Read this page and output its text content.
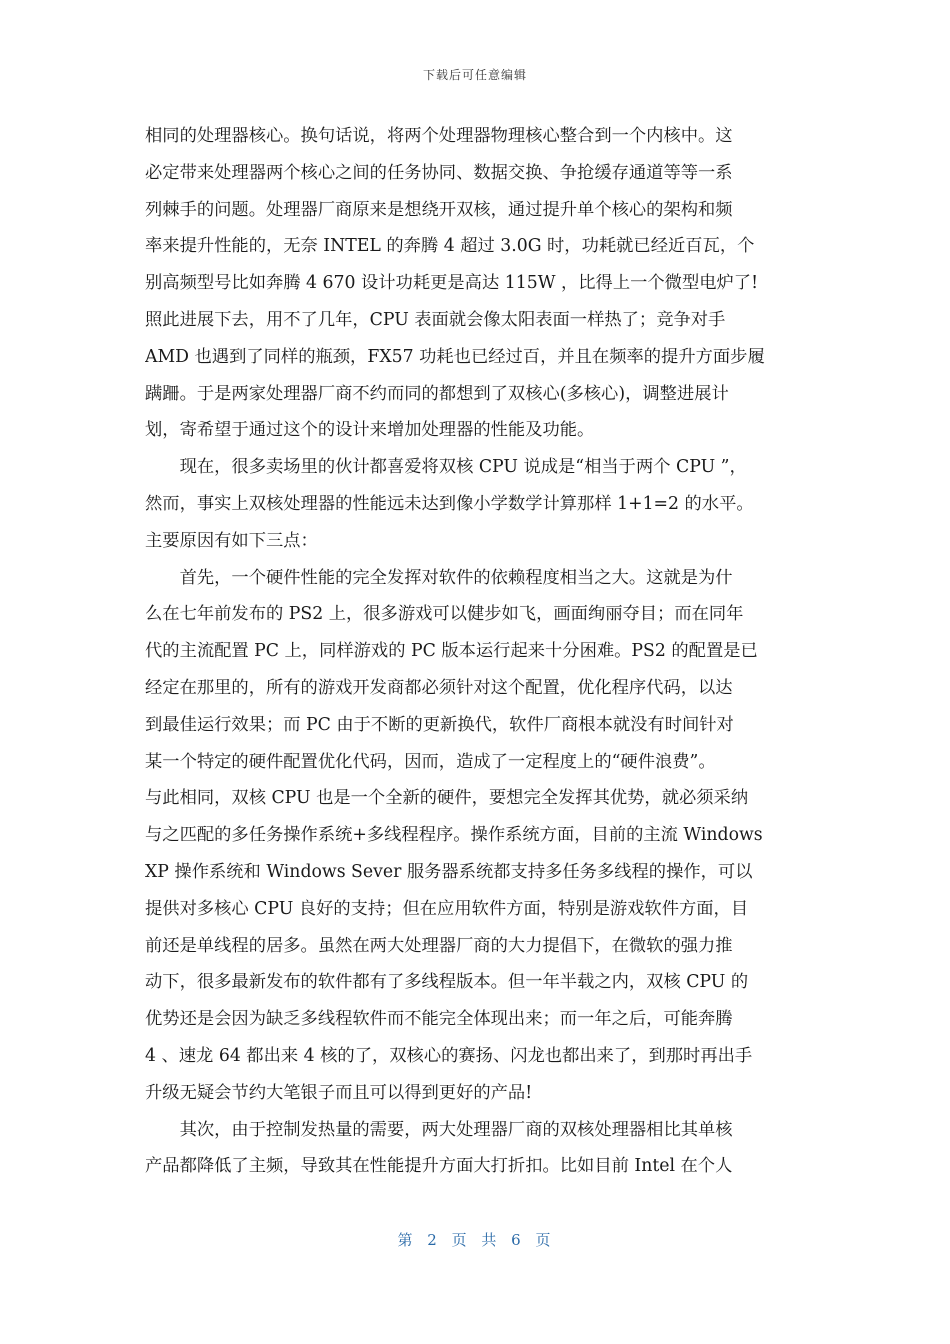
下载后可任意编辑
相同的处理器核心。换句话说，将两个处理器物理核心整合到一个内核中。这
必定带来处理器两个核心之间的任务协同、数据交换、争抢缓存通道等等一系
列棘手的问题。处理器厂商原来是想绕开双核，通过提升单个核心的架构和频
率来提升性能的，无奈 INTEL 的奔腾 4 超过 3.0G 时，功耗就已经近百瓦，个
别高频型号比如奔腾 4 670 设计功耗更是高达 115W ，比得上一个微型电炉了!
照此进展下去，用不了几年，CPU 表面就会像太阳表面一样热了；竞争对手
AMD 也遇到了同样的瓶颈，FX57 功耗也已经过百，并且在频率的提升方面步履
蹒跚。于是两家处理器厂商不约而同的都想到了双核心(多核心)，调整进展计
划，寄希望于通过这个的设计来增加处理器的性能及功能。
　　现在，很多卖场里的伙计都喜爱将双核 CPU 说成是“相当于两个 CPU ”，
然而，事实上双核处理器的性能远未达到像小学数学计算那样 1+1=2 的水平。
主要原因有如下三点：
　　首先，一个硬件性能的完全发挥对软件的依赖程度相当之大。这就是为什
么在七年前发布的 PS2 上，很多游戏可以健步如飞，画面绚丽夺目；而在同年
代的主流配置 PC 上，同样游戏的 PC 版本运行起来十分困难。PS2 的配置是已
经定在那里的，所有的游戏开发商都必须针对这个配置，优化程序代码，以达
到最佳运行效果；而 PC 由于不断的更新换代，软件厂商根本就没有时间针对
某一个特定的硬件配置优化代码，因而，造成了一定程度上的“硬件浪费”。
与此相同，双核 CPU 也是一个全新的硬件，要想完全发挥其优势，就必须采纳
与之匹配的多任务操作系统+多线程程序。操作系统方面，目前的主流 Windows
XP 操作系统和 Windows Sever 服务器系统都支持多任务多线程的操作，可以
提供对多核心 CPU 良好的支持；但在应用软件方面，特别是游戏软件方面，目
前还是单线程的居多。虽然在两大处理器厂商的大力提倡下，在微软的强力推
动下，很多最新发布的软件都有了多线程版本。但一年半载之内，双核 CPU 的
优势还是会因为缺乏多线程软件而不能完全体现出来；而一年之后，可能奔腾
4 、速龙 64 都出来 4 核的了，双核心的赛扬、闪龙也都出来了，到那时再出手
升级无疑会节约大笔银子而且可以得到更好的产品!
　　其次，由于控制发热量的需要，两大处理器厂商的双核处理器相比其单核
产品都降低了主频，导致其在性能提升方面大打折扣。比如目前 Intel 在个人
第 2 页 共 6 页
